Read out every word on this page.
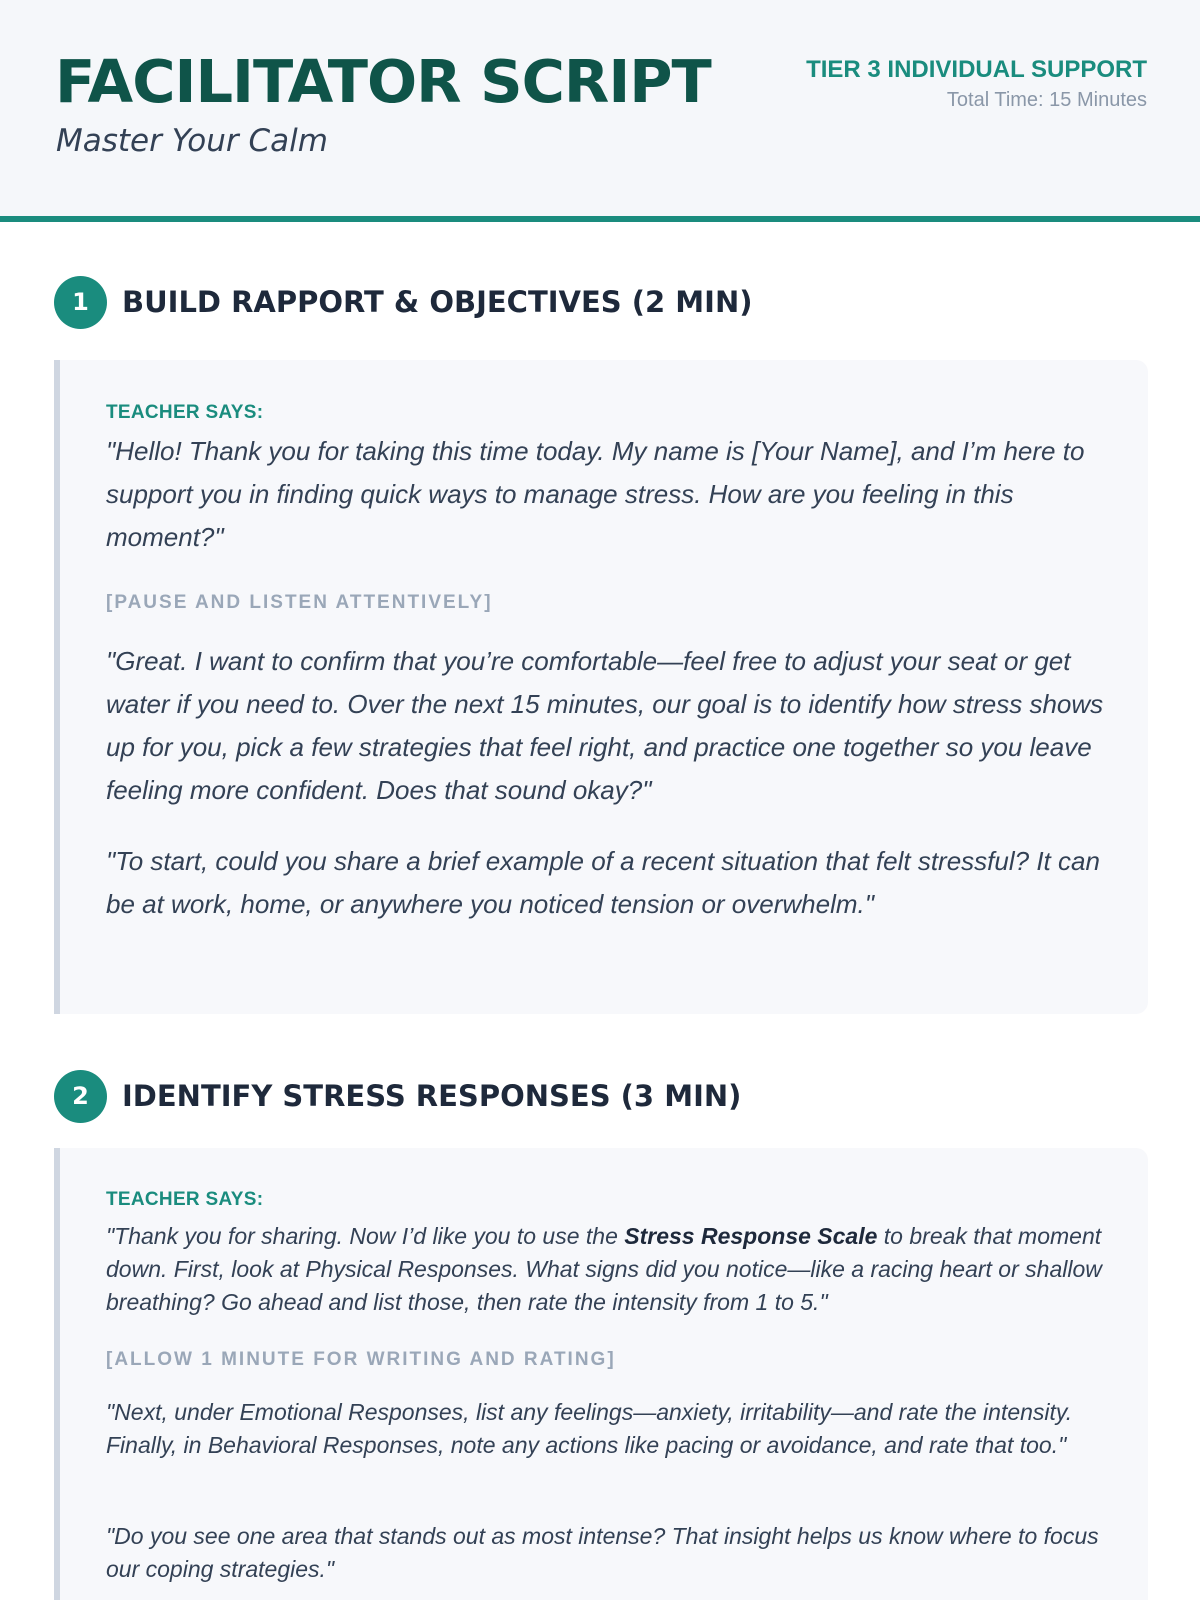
FACILITATOR SCRIPT
Master Your Calm
TIER 3 INDIVIDUAL SUPPORT
Total Time: 15 Minutes
1	BUILD RAPPORT & OBJECTIVES (2 MIN)
TEACHER SAYS:
"Hello! Thank you for taking this time today. My name is [Your Name], and I’m here to support you in finding quick ways to manage stress. How are you feeling in this moment?"
[PAUSE AND LISTEN ATTENTIVELY]
"Great. I want to confirm that you’re comfortable—feel free to adjust your seat or get water if you need to. Over the next 15 minutes, our goal is to identify how stress shows up for you, pick a few strategies that feel right, and practice one together so you leave feeling more confident. Does that sound okay?"
"To start, could you share a brief example of a recent situation that felt stressful? It can be at work, home, or anywhere you noticed tension or overwhelm."
2	IDENTIFY STRESS RESPONSES (3 MIN)
TEACHER SAYS:
"Thank you for sharing. Now I’d like you to use the Stress Response Scale to break that moment down. First, look at Physical Responses. What signs did you notice—like a racing heart or shallow breathing? Go ahead and list those, then rate the intensity from 1 to 5."
[ALLOW 1 MINUTE FOR WRITING AND RATING]
"Next, under Emotional Responses, list any feelings—anxiety, irritability—and rate the intensity. Finally, in Behavioral Responses, note any actions like pacing or avoidance, and rate that too."
"Do you see one area that stands out as most intense? That insight helps us know where to focus our coping strategies."
